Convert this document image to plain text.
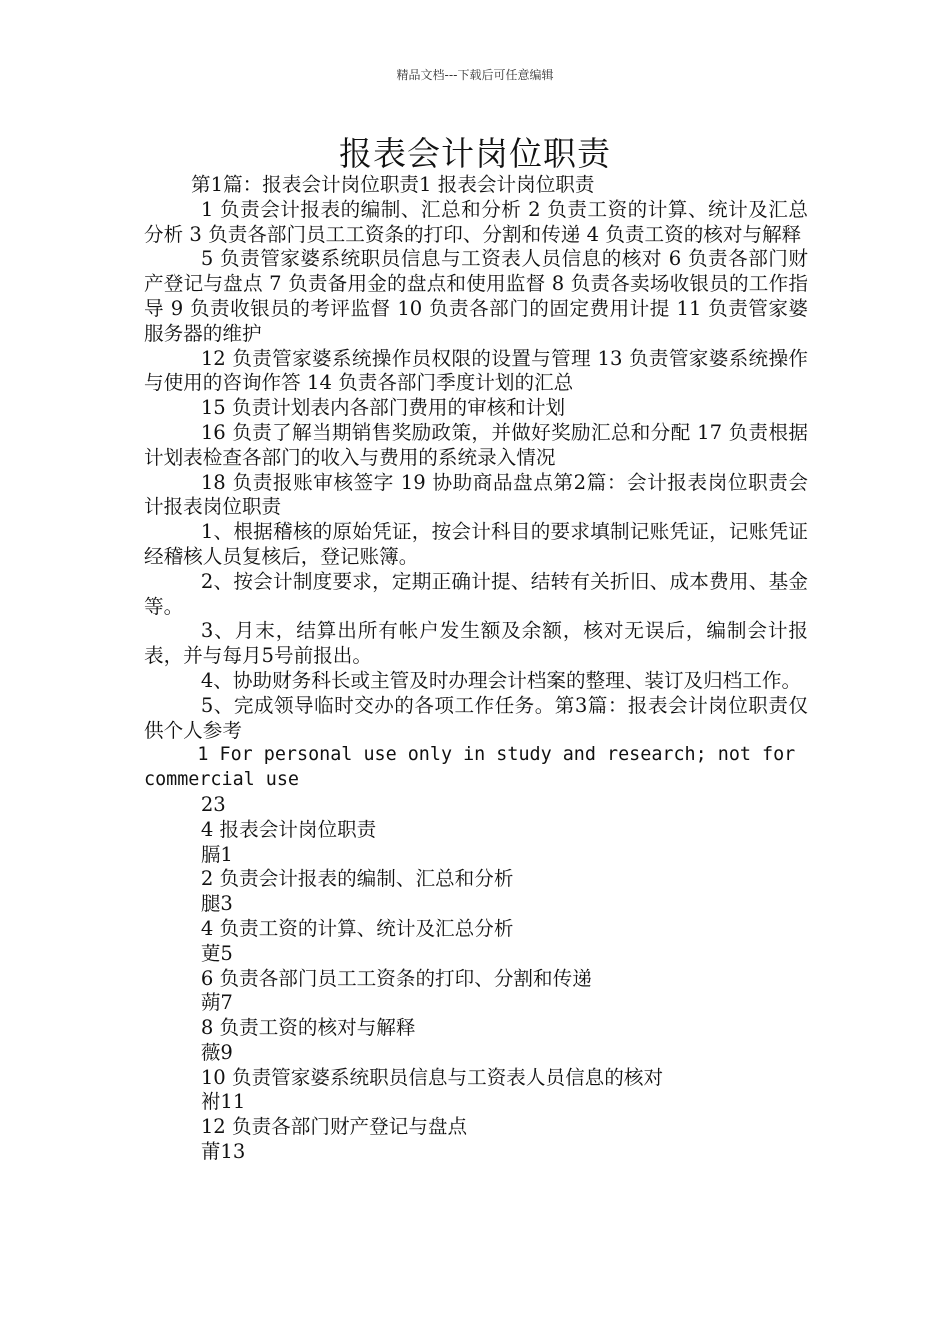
精品文档---下载后可任意编辑
报表会计岗位职责

第1篇：报表会计岗位职责1 报表会计岗位职责

1 负责会计报表的编制、汇总和分析 2 负责工资的计算、统计及汇总分析 3 负责各部门员工工资条的打印、分割和传递 4 负责工资的核对与解释

5 负责管家婆系统职员信息与工资表人员信息的核对 6 负责各部门财产登记与盘点 7 负责备用金的盘点和使用监督 8 负责各卖场收银员的工作指导 9 负责收银员的考评监督 10 负责各部门的固定费用计提 11 负责管家婆服务器的维护

12 负责管家婆系统操作员权限的设置与管理 13 负责管家婆系统操作与使用的咨询作答 14 负责各部门季度计划的汇总

15 负责计划表内各部门费用的审核和计划

16 负责了解当期销售奖励政策，并做好奖励汇总和分配 17 负责根据计划表检查各部门的收入与费用的系统录入情况

18 负责报账审核签字 19 协助商品盘点第2篇：会计报表岗位职责会计报表岗位职责

1、根据稽核的原始凭证，按会计科目的要求填制记账凭证，记账凭证经稽核人员复核后，登记账簿。

2、按会计制度要求，定期正确计提、结转有关折旧、成本费用、基金等。

3、月末，结算出所有帐户发生额及余额，核对无误后，编制会计报表，并与每月5号前报出。

4、协助财务科长或主管及时办理会计档案的整理、装订及归档工作。

5、完成领导临时交办的各项工作任务。第3篇：报表会计岗位职责仅供个人参考

1 For personal use only in study and research; not for commercial use

23

4 报表会计岗位职责

膈1

2 负责会计报表的编制、汇总和分析

腿3

4 负责工资的计算、统计及汇总分析

莄5

6 负责各部门员工工资条的打印、分割和传递

蒴7

8 负责工资的核对与解释

薇9

10 负责管家婆系统职员信息与工资表人员信息的核对

袝11

12 负责各部门财产登记与盘点

莆13
